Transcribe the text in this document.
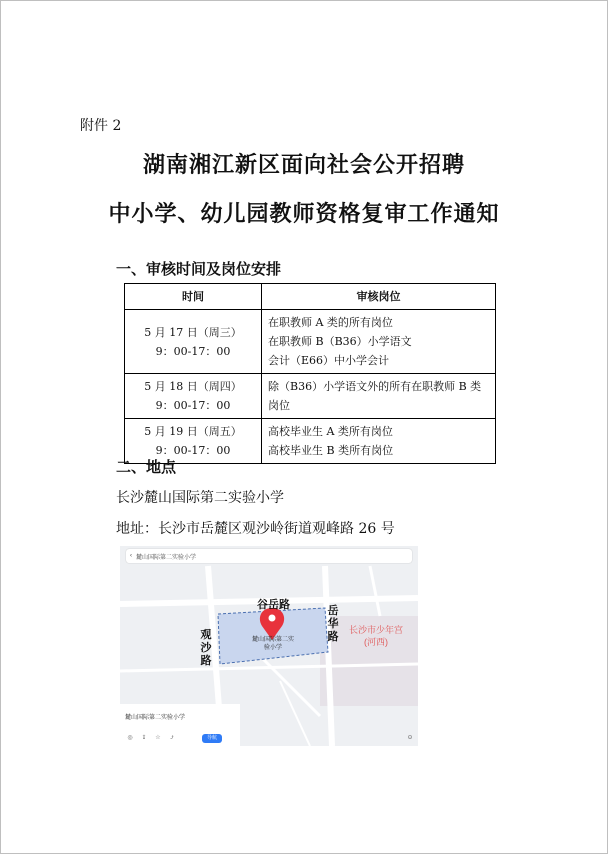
附件 2
湖南湘江新区面向社会公开招聘
中小学、幼儿园教师资格复审工作通知
一、审核时间及岗位安排
时间	审核岗位

5 月 17 日（周三）
9：00-17：00	在职教师 A 类的所有岗位
在职教师 B（B36）小学语文
会计（E66）中小学会计

5 月 18 日（周四）
9：00-17：00	除（B36）小学语文外的所有在职教师 B 类
岗位

5 月 19 日（周五）
9：00-17：00	高校毕业生 A 类所有岗位
高校毕业生 B 类所有岗位
二、地点
长沙麓山国际第二实验小学
地址：长沙市岳麓区观沙岭街道观峰路 26 号
‹ 麓山国际第二实验小学
谷岳路	岳华路
观沙路
麓山国际第二实验小学
长沙市少年宫(河西)
麓山国际第二实验小学
导航
◎ ⇪ ☆ ⤴	⊙
